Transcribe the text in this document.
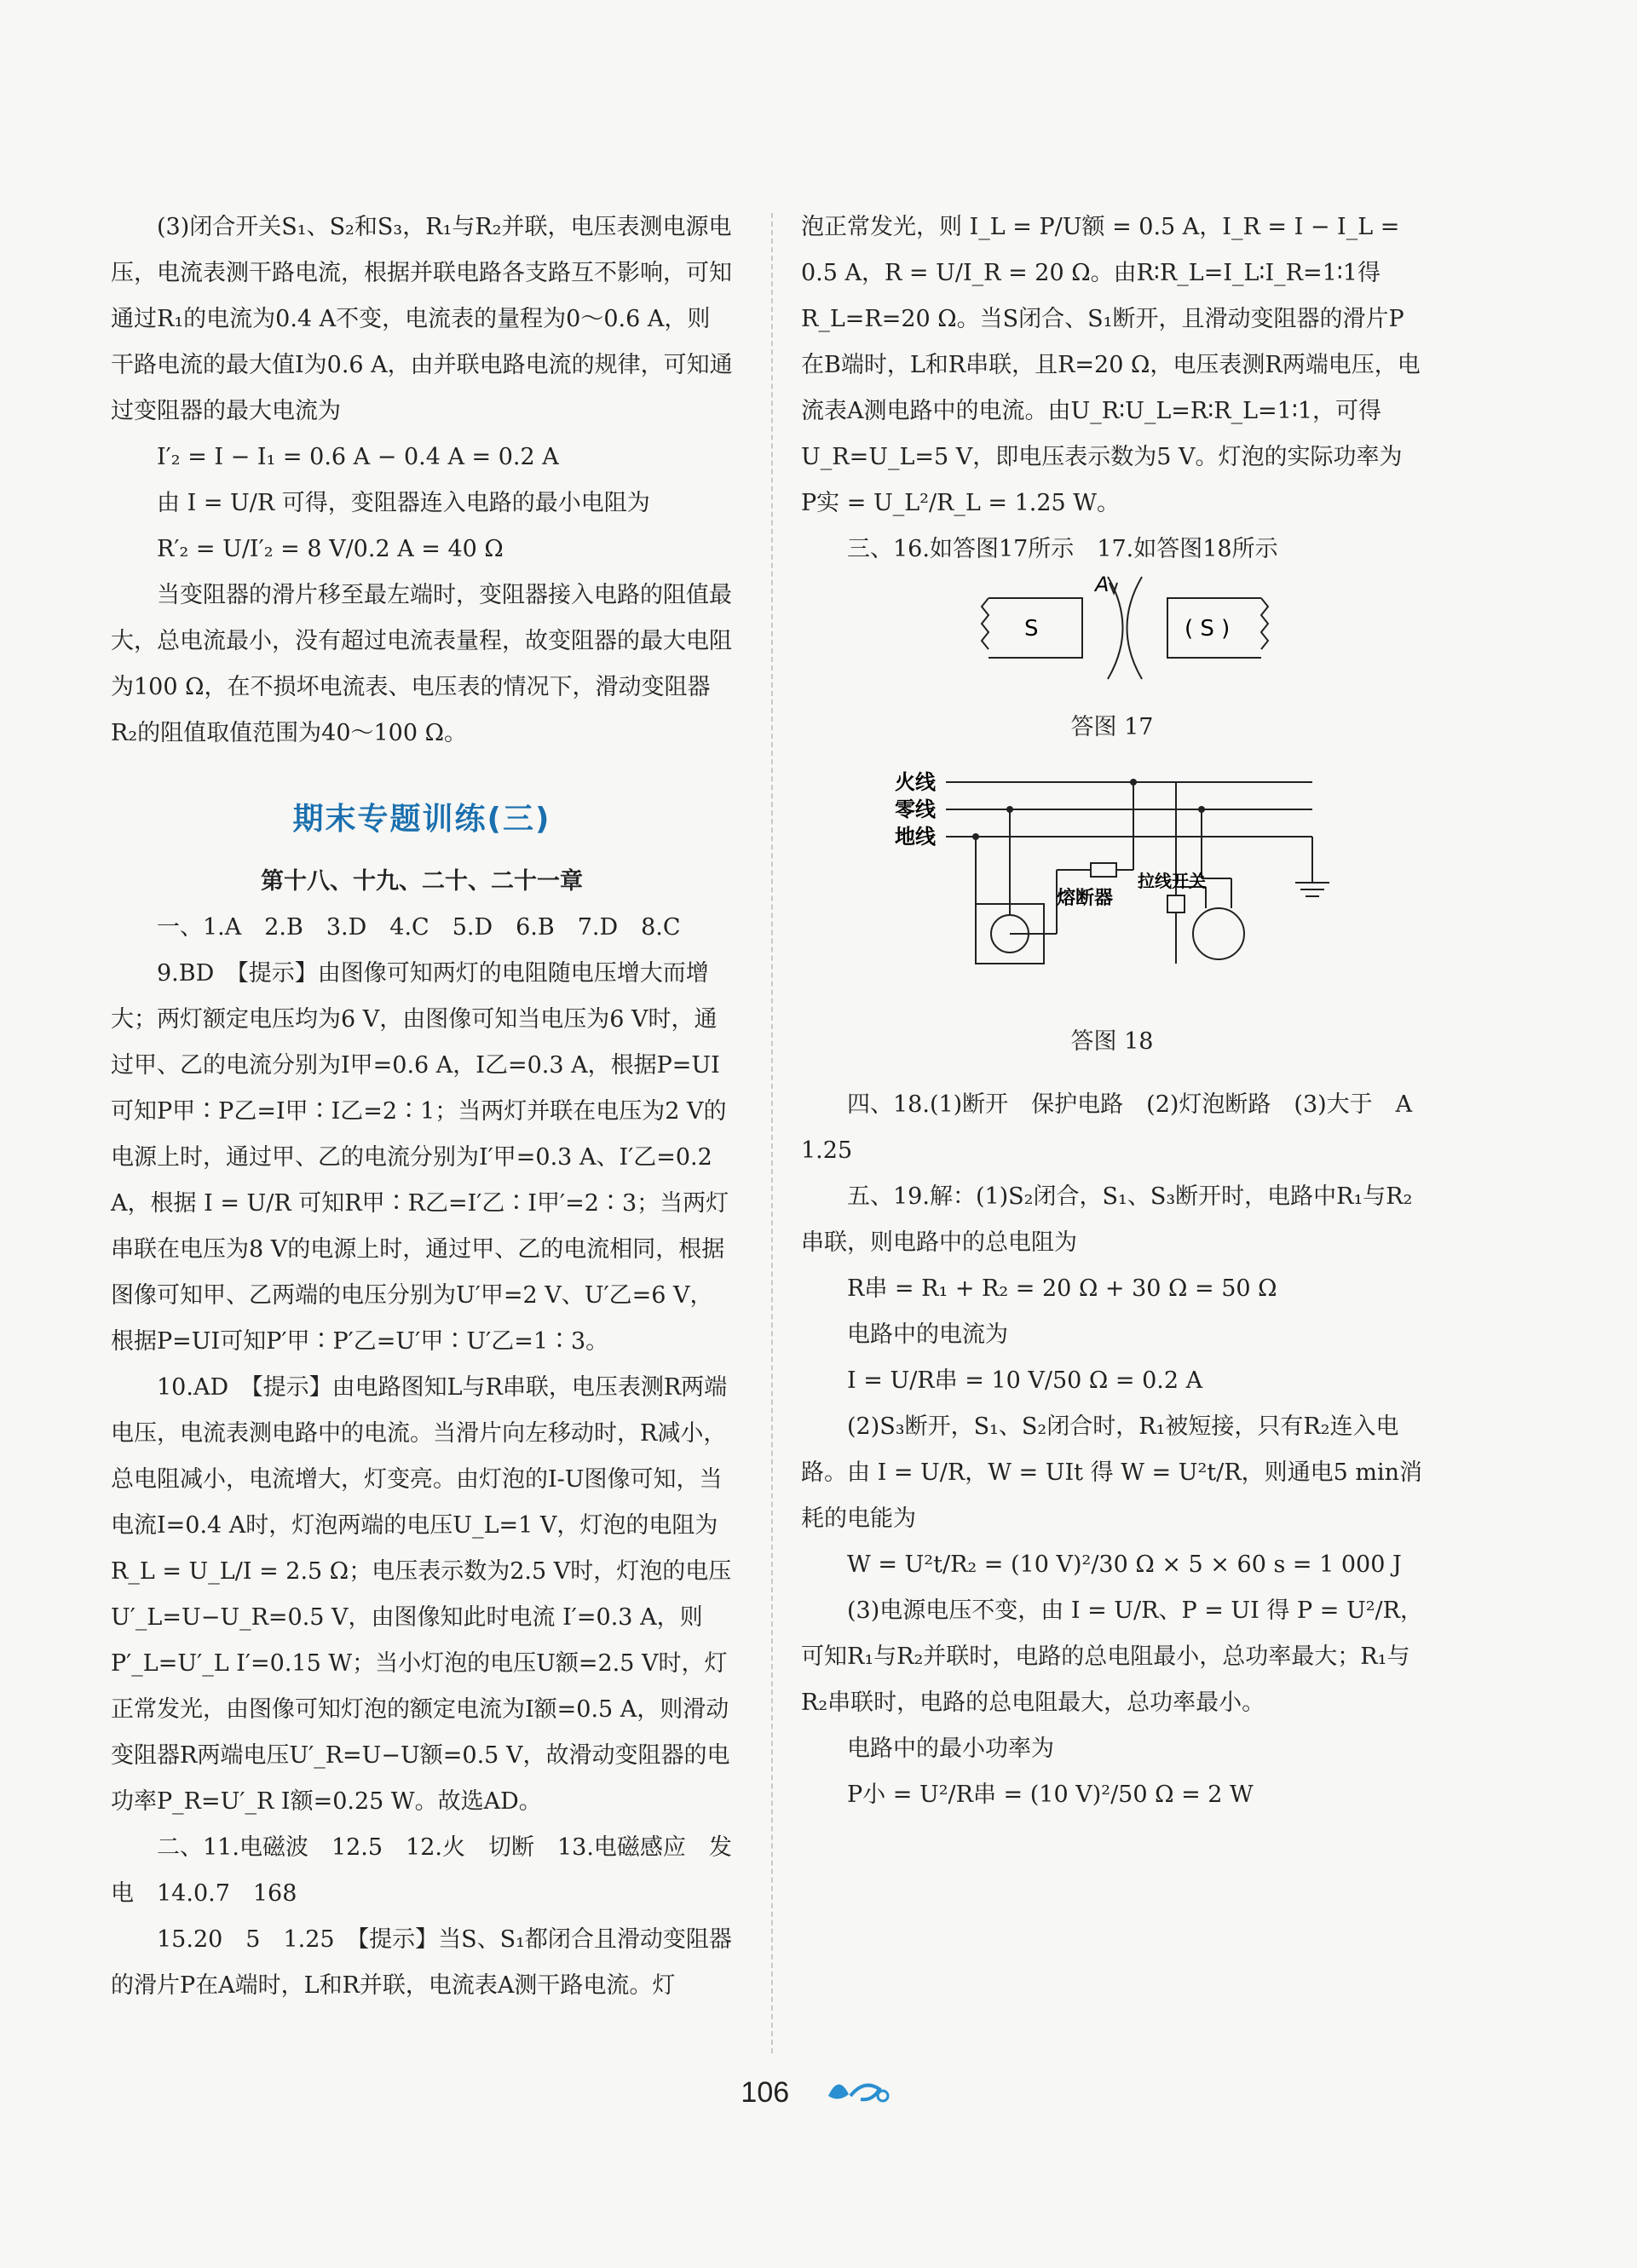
(3)闭合开关S₁、S₂和S₃，R₁与R₂并联，电压表测电源电压，电流表测干路电流，根据并联电路各支路互不影响，可知通过R₁的电流为0.4 A不变，电流表的量程为0～0.6 A，则干路电流的最大值I为0.6 A，由并联电路电流的规律，可知通过变阻器的最大电流为

I′₂ = I − I₁ = 0.6 A − 0.4 A = 0.2 A

由 I = U/R 可得，变阻器连入电路的最小电阻为

R′₂ = U/I′₂ = 8 V/0.2 A = 40 Ω

当变阻器的滑片移至最左端时，变阻器接入电路的阻值最大，总电流最小，没有超过电流表量程，故变阻器的最大电阻为100 Ω，在不损坏电流表、电压表的情况下，滑动变阻器R₂的阻值取值范围为40～100 Ω。

期末专题训练(三)
第十八、十九、二十、二十一章

一、1.A　2.B　3.D　4.C　5.D　6.B　7.D　8.C

9.BD　【提示】由图像可知两灯的电阻随电压增大而增大；两灯额定电压均为6 V，由图像可知当电压为6 V时，通过甲、乙的电流分别为I甲=0.6 A，I乙=0.3 A，根据P=UI可知P甲∶P乙=I甲∶I乙=2∶1；当两灯并联在电压为2 V的电源上时，通过甲、乙的电流分别为I′甲=0.3 A、I′乙=0.2 A，根据 I = U/R 可知R甲∶R乙=I′乙∶I甲′=2∶3；当两灯串联在电压为8 V的电源上时，通过甲、乙的电流相同，根据图像可知甲、乙两端的电压分别为U′甲=2 V、U′乙=6 V，根据P=UI可知P′甲∶P′乙=U′甲∶U′乙=1∶3。

10.AD　【提示】由电路图知L与R串联，电压表测R两端电压，电流表测电路中的电流。当滑片向左移动时，R减小，总电阻减小，电流增大，灯变亮。由灯泡的I-U图像可知，当电流I=0.4 A时，灯泡两端的电压U_L=1 V，灯泡的电阻为 R_L = U_L/I = 2.5 Ω；电压表示数为2.5 V时，灯泡的电压U′_L=U−U_R=0.5 V，由图像知此时电流 I′=0.3 A，则P′_L=U′_L I′=0.15 W；当小灯泡的电压U额=2.5 V时，灯正常发光，由图像可知灯泡的额定电流为I额=0.5 A，则滑动变阻器R两端电压U′_R=U−U额=0.5 V，故滑动变阻器的电功率P_R=U′_R I额=0.25 W。故选AD。

二、11.电磁波　12.5　12.火　切断　13.电磁感应　发电　14.0.7　168

15.20　5　1.25　【提示】当S、S₁都闭合且滑动变阻器的滑片P在A端时，L和R并联，电流表A测干路电流。灯

泡正常发光，则 I_L = P/U额 = 0.5 A，I_R = I − I_L = 0.5 A，R = U/I_R = 20 Ω。由R∶R_L=I_L∶I_R=1∶1得R_L=R=20 Ω。当S闭合、S₁断开，且滑动变阻器的滑片P在B端时，L和R串联，且R=20 Ω，电压表测R两端电压，电流表A测电路中的电流。由U_R∶U_L=R∶R_L=1∶1，可得U_R=U_L=5 V，即电压表示数为5 V。灯泡的实际功率为 P实 = U_L²/R_L = 1.25 W。

三、16.如答图17所示　17.如答图18所示

A
S	( S )

答图 17

火线
零线
地线
熔断器
拉线开关

答图 18

四、18.(1)断开　保护电路　(2)灯泡断路　(3)大于　A　1.25

五、19.解：(1)S₂闭合，S₁、S₃断开时，电路中R₁与R₂串联，则电路中的总电阻为

R串 = R₁ + R₂ = 20 Ω + 30 Ω = 50 Ω

电路中的电流为

I = U/R串 = 10 V/50 Ω = 0.2 A

(2)S₃断开，S₁、S₂闭合时，R₁被短接，只有R₂连入电路。由 I = U/R，W = UIt 得 W = U²t/R，则通电5 min消耗的电能为

W = U²t/R₂ = (10 V)²/30 Ω × 5 × 60 s = 1 000 J

(3)电源电压不变，由 I = U/R、P = UI 得 P = U²/R，可知R₁与R₂并联时，电路的总电阻最小，总功率最大；R₁与R₂串联时，电路的总电阻最大，总功率最小。

电路中的最小功率为

P小 = U²/R串 = (10 V)²/50 Ω = 2 W

106
